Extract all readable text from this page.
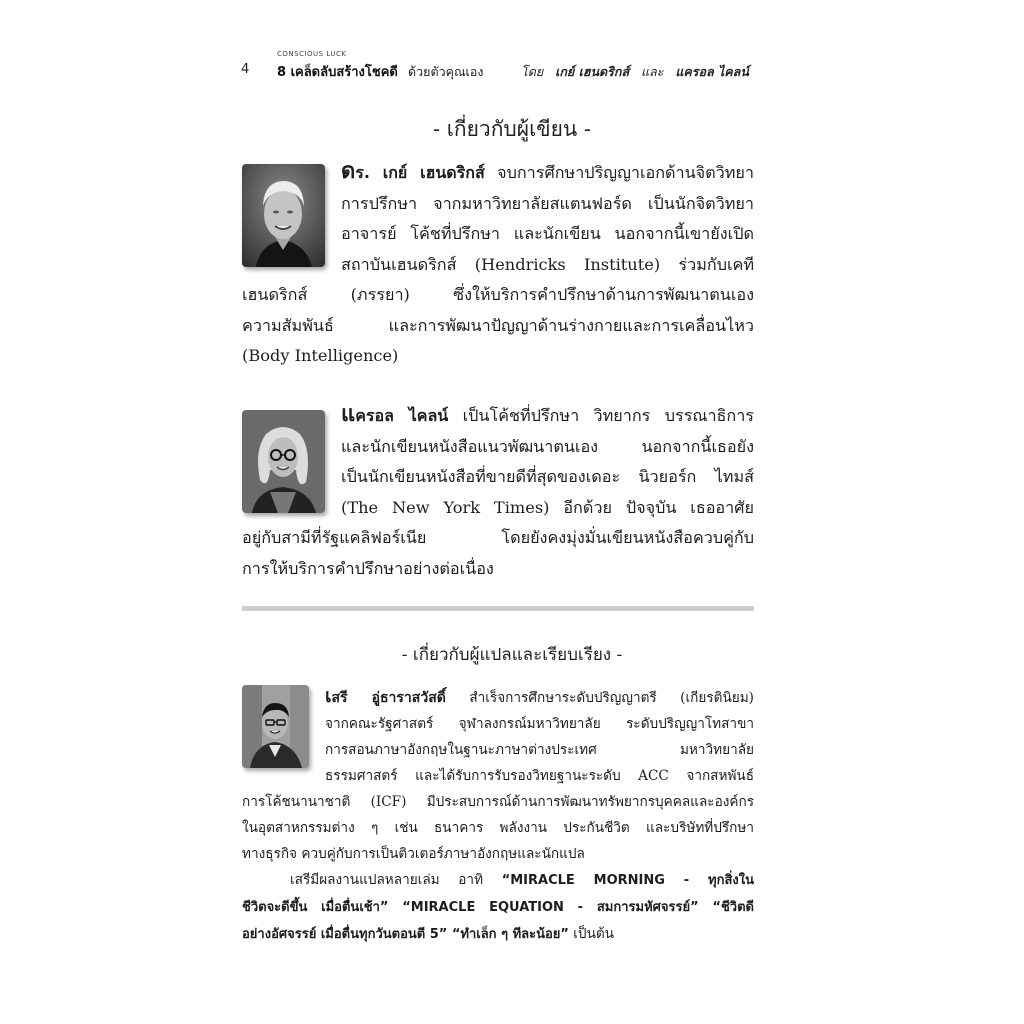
CONSCIOUS LUCK
4 8 เคล็ดลับสร้างโชคดี ด้วยตัวคุณเอง	โดย เกย์ เฮนดริกส์ และ แครอล ไคลน์
- เกี่ยวกับผู้เขียน -
ดร. เกย์ เฮนดริกส์ จบการศึกษาปริญญาเอกด้านจิตวิทยา
การปรึกษา จากมหาวิทยาลัยสแตนฟอร์ด เป็นนักจิตวิทยา
อาจารย์ โค้ชที่ปรึกษา และนักเขียน นอกจากนี้เขายังเปิด
สถาบันเฮนดริกส์ (Hendricks Institute) ร่วมกับเคที
เฮนดริกส์ (ภรรยา) ซึ่งให้บริการคำปรึกษาด้านการพัฒนาตนเอง
ความสัมพันธ์ และการพัฒนาปัญญาด้านร่างกายและการเคลื่อนไหว
(Body Intelligence)
แครอล ไคลน์ เป็นโค้ชที่ปรึกษา วิทยากร บรรณาธิการ
และนักเขียนหนังสือแนวพัฒนาตนเอง นอกจากนี้เธอยัง
เป็นนักเขียนหนังสือที่ขายดีที่สุดของเดอะ นิวยอร์ก ไทมส์
(The New York Times) อีกด้วย ปัจจุบัน เธออาศัย
อยู่กับสามีที่รัฐแคลิฟอร์เนีย โดยยังคงมุ่งมั่นเขียนหนังสือควบคู่กับ
การให้บริการคำปรึกษาอย่างต่อเนื่อง
- เกี่ยวกับผู้แปลและเรียบเรียง -
เสรี อู่ธาราสวัสดิ์ สำเร็จการศึกษาระดับปริญญาตรี (เกียรตินิยม)
จากคณะรัฐศาสตร์ จุฬาลงกรณ์มหาวิทยาลัย ระดับปริญญาโทสาขา
การสอนภาษาอังกฤษในฐานะภาษาต่างประเทศ มหาวิทยาลัย
ธรรมศาสตร์ และได้รับการรับรองวิทยฐานะระดับ ACC จากสหพันธ์
การโค้ชนานาชาติ (ICF) มีประสบการณ์ด้านการพัฒนาทรัพยากรบุคคลและองค์กร
ในอุตสาหกรรมต่าง ๆ เช่น ธนาคาร พลังงาน ประกันชีวิต และบริษัทที่ปรึกษา
ทางธุรกิจ ควบคู่กับการเป็นติวเตอร์ภาษาอังกฤษและนักแปล
เสรีมีผลงานแปลหลายเล่ม อาทิ “MIRACLE MORNING - ทุกสิ่งใน
ชีวิตจะดีขึ้น เมื่อตื่นเช้า” “MIRACLE EQUATION - สมการมหัศจรรย์” “ชีวิตดี
อย่างอัศจรรย์ เมื่อตื่นทุกวันตอนตี 5” “ทำเล็ก ๆ ทีละน้อย” เป็นต้น
